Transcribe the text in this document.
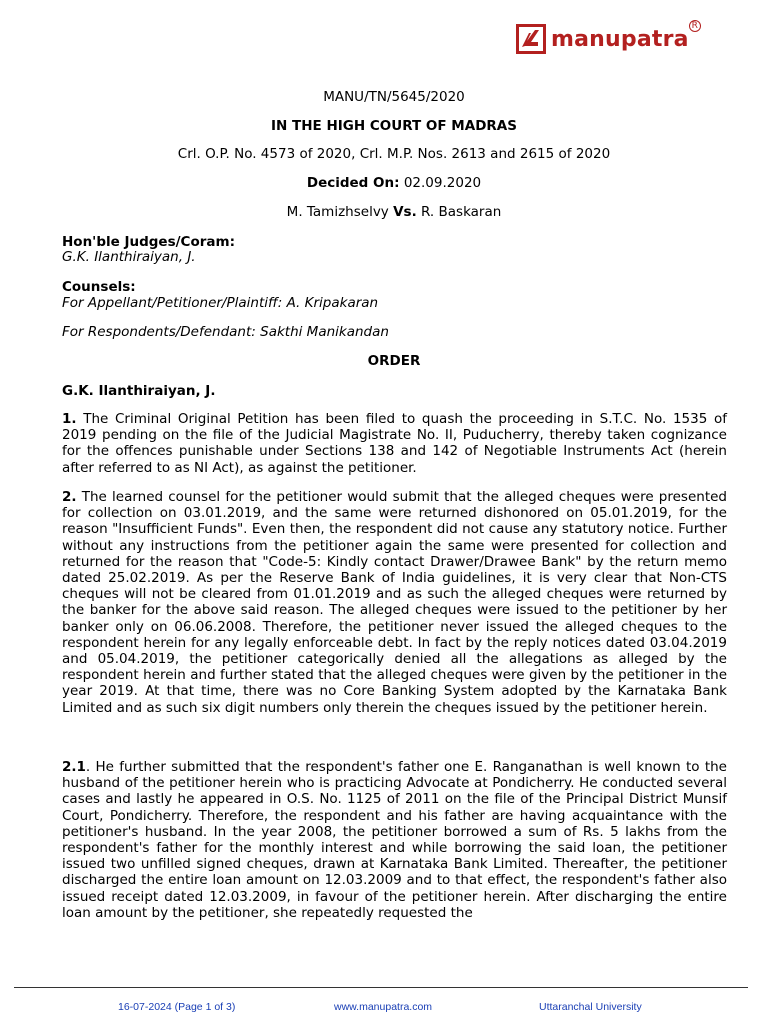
manupatra
R
MANU/TN/5645/2020
IN THE HIGH COURT OF MADRAS
Crl. O.P. No. 4573 of 2020, Crl. M.P. Nos. 2613 and 2615 of 2020
Decided On: 02.09.2020
M. Tamizhselvy Vs. R. Baskaran
Hon'ble Judges/Coram:
G.K. Ilanthiraiyan, J.
Counsels:
For Appellant/Petitioner/Plaintiff: A. Kripakaran
For Respondents/Defendant: Sakthi Manikandan
ORDER
G.K. Ilanthiraiyan, J.

1. The Criminal Original Petition has been filed to quash the proceeding in S.T.C. No. 1535 of 2019 pending on the file of the Judicial Magistrate No. II, Puducherry, thereby taken cognizance for the offences punishable under Sections 138 and 142 of Negotiable Instruments Act (herein after referred to as NI Act), as against the petitioner.

2. The learned counsel for the petitioner would submit that the alleged cheques were presented for collection on 03.01.2019, and the same were returned dishonored on 05.01.2019, for the reason "Insufficient Funds". Even then, the respondent did not cause any statutory notice. Further without any instructions from the petitioner again the same were presented for collection and returned for the reason that "Code-5: Kindly contact Drawer/Drawee Bank" by the return memo dated 25.02.2019. As per the Reserve Bank of India guidelines, it is very clear that Non-CTS cheques will not be cleared from 01.01.2019 and as such the alleged cheques were returned by the banker for the above said reason. The alleged cheques were issued to the petitioner by her banker only on 06.06.2008. Therefore, the petitioner never issued the alleged cheques to the respondent herein for any legally enforceable debt. In fact by the reply notices dated 03.04.2019 and 05.04.2019, the petitioner categorically denied all the allegations as alleged by the respondent herein and further stated that the alleged cheques were given by the petitioner in the year 2019. At that time, there was no Core Banking System adopted by the Karnataka Bank Limited and as such six digit numbers only therein the cheques issued by the petitioner herein.

2.1. He further submitted that the respondent's father one E. Ranganathan is well known to the husband of the petitioner herein who is practicing Advocate at Pondicherry. He conducted several cases and lastly he appeared in O.S. No. 1125 of 2011 on the file of the Principal District Munsif Court, Pondicherry. Therefore, the respondent and his father are having acquaintance with the petitioner's husband. In the year 2008, the petitioner borrowed a sum of Rs. 5 lakhs from the respondent's father for the monthly interest and while borrowing the said loan, the petitioner issued two unfilled signed cheques, drawn at Karnataka Bank Limited. Thereafter, the petitioner discharged the entire loan amount on 12.03.2009 and to that effect, the respondent's father also issued receipt dated 12.03.2009, in favour of the petitioner herein. After discharging the entire loan amount by the petitioner, she repeatedly requested the

16-07-2024 (Page 1 of 3)	www.manupatra.com	Uttaranchal University
